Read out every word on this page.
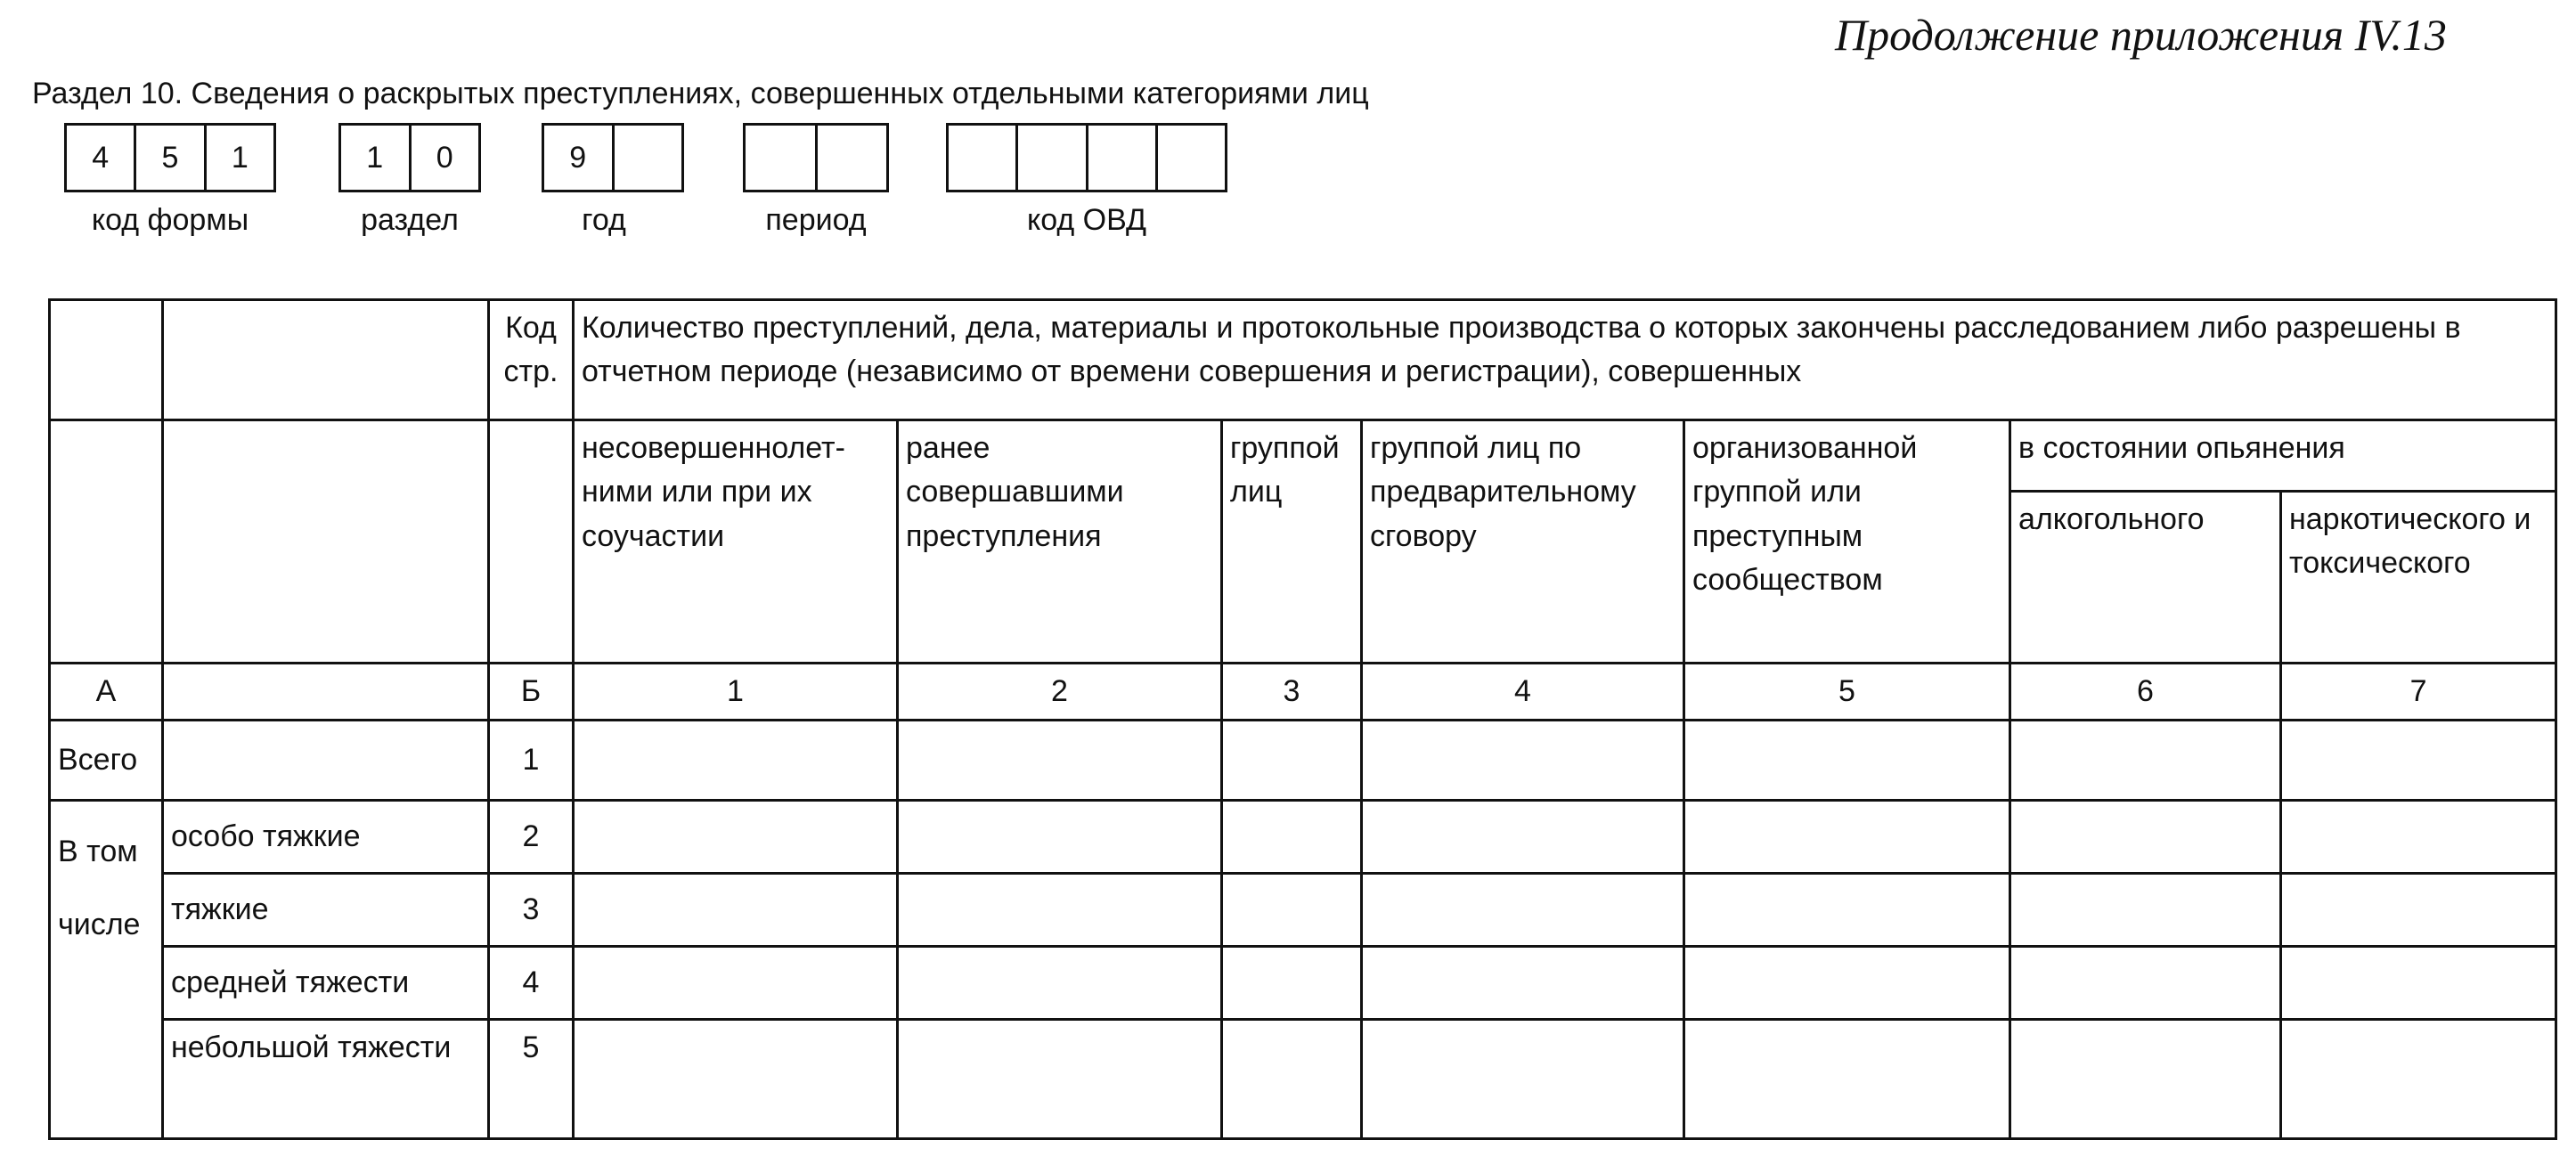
Продолжение приложения IV.13
Раздел 10. Сведения о раскрытых преступлениях, совершенных отдельными категориями лиц
4	5	1
код формы
1	0
раздел
9
год	период	код ОВД
		Код стр.	Количество преступлений, дела, материалы и протокольные производства о которых закончены расследованием либо разрешены в отчетном периоде (независимо от времени совершения и регистрации), совершенных						
			несовершеннолет-ними или при их соучастии	ранее совершавшими преступления	группой лиц	группой лиц по предварительному сговору	организованной группой или преступным сообществом	в состоянии опьянения	
								алкогольного	наркотического и токсического
А		Б	1	2	3	4	5	6	7
Всего		1							
В том числе	особо тяжкие	2							
	тяжкие	3							
	средней тяжести	4							
	небольшой тяжести	5							
